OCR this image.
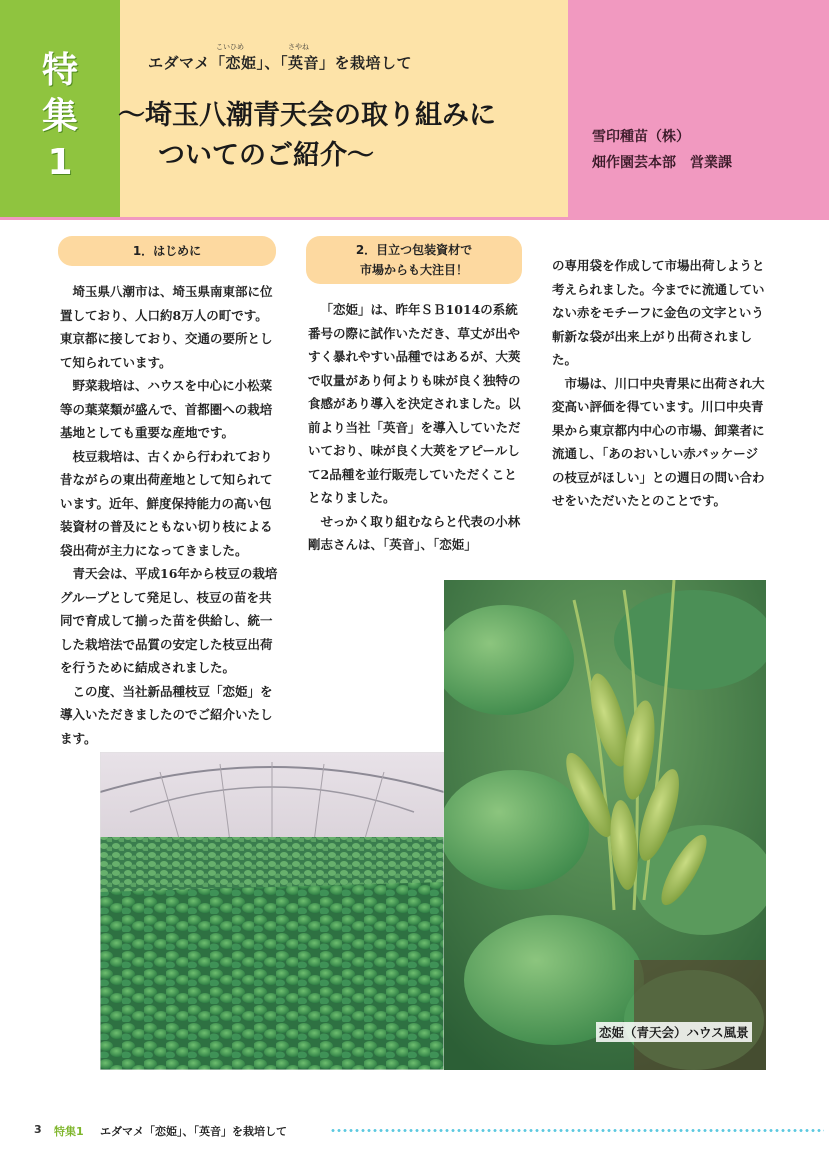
特
集
1
こいひめ	さやね
エダマメ「恋姫」、「英音」を栽培して
〜埼玉八潮青天会の取り組みに
ついてのご紹介〜
雪印種苗（株）
畑作園芸本部　営業課
1．はじめに	2．目立つ包装資材で
市場からも大注目！

埼玉県八潮市は、埼玉県南東部に位置しており、人口約8万人の町です。東京都に接しており、交通の要所として知られています。

野菜栽培は、ハウスを中心に小松菜等の葉菜類が盛んで、首都圏への栽培基地としても重要な産地です。

枝豆栽培は、古くから行われており昔ながらの東出荷産地として知られています。近年、鮮度保持能力の高い包装資材の普及にともない切り枝による袋出荷が主力になってきました。

青天会は、平成16年から枝豆の栽培グループとして発足し、枝豆の苗を共同で育成して揃った苗を供給し、統一した栽培法で品質の安定した枝豆出荷を行うために結成されました。

この度、当社新品種枝豆「恋姫」を導入いただきましたのでご紹介いたします。

「恋姫」は、昨年ＳＢ1014の系統番号の際に試作いただき、草丈が出やすく暴れやすい品種ではあるが、大莢で収量があり何よりも味が良く独特の食感があり導入を決定されました。以前より当社「英音」を導入していただいており、味が良く大莢をアピールして2品種を並行販売していただくこととなりました。

せっかく取り組むならと代表の小林剛志さんは、「英音」、「恋姫」

の専用袋を作成して市場出荷しようと考えられました。今までに流通していない赤をモチーフに金色の文字という斬新な袋が出来上がり出荷されました。

市場は、川口中央青果に出荷され大変高い評価を得ています。川口中央青果から東京都内中心の市場、卸業者に流通し、「あのおいしい赤パッケージの枝豆がほしい」との週日の問い合わせをいただいたとのことです。

恋姫（青天会）ハウス風景
3 特集1 エダマメ「恋姫」、「英音」を栽培して
